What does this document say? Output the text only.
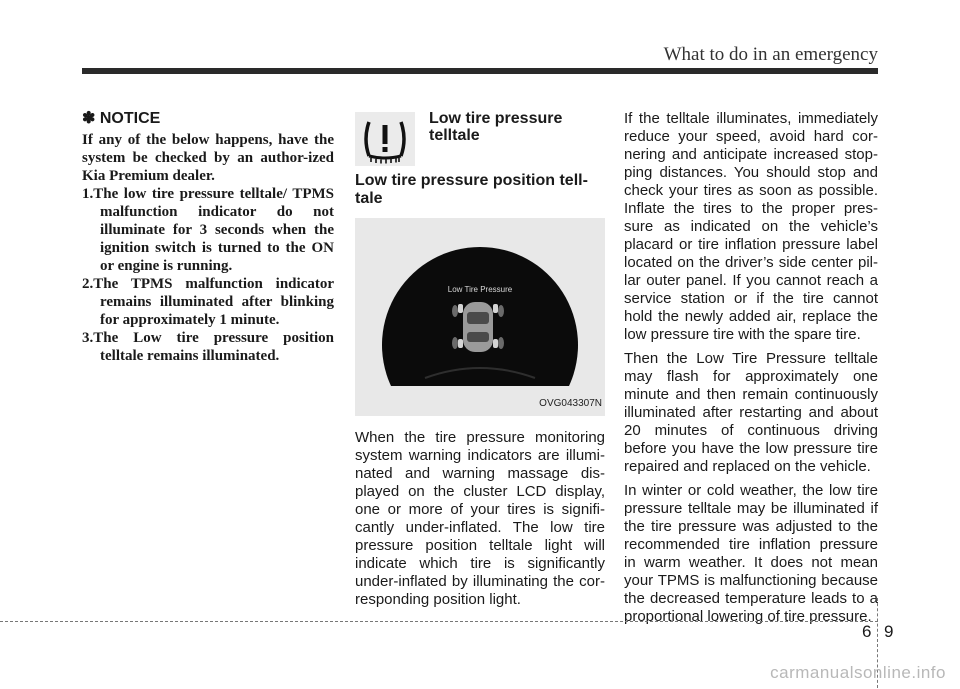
What to do in an emergency
✽ NOTICE

If any of the below happens, have the system be checked by an author-ized Kia Premium dealer.

1.The low tire pressure telltale/ TPMS malfunction indicator do not illuminate for 3 seconds when the ignition switch is turned to the ON or engine is running.
2.The TPMS malfunction indicator remains illuminated after blinking for approximately 1 minute.
3.The Low tire pressure position telltale remains illuminated.
Low tire pressure telltale
Low tire pressure position tell-tale
Low Tire Pressure
OVG043307N

When the tire pressure monitoring system warning indicators are illumi-nated and warning massage dis-played on the cluster LCD display, one or more of your tires is signifi-cantly under-inflated. The low tire pressure position telltale light will indicate which tire is significantly under-inflated by illuminating the cor-responding position light.

If the telltale illuminates, immediately reduce your speed, avoid hard cor-nering and anticipate increased stop-ping distances. You should stop and check your tires as soon as possible. Inflate the tires to the proper pres-sure as indicated on the vehicle’s placard or tire inflation pressure label located on the driver’s side center pil-lar outer panel. If you cannot reach a service station or if the tire cannot hold the newly added air, replace the low pressure tire with the spare tire.

Then the Low Tire Pressure telltale may flash for approximately one minute and then remain continuously illuminated after restarting and about 20 minutes of continuous driving before you have the low pressure tire repaired and replaced on the vehicle.

In winter or cold weather, the low tire pressure telltale may be illuminated if the tire pressure was adjusted to the recommended tire inflation pressure in warm weather. It does not mean your TPMS is malfunctioning because the decreased temperature leads to a proportional lowering of tire pressure.

6 9
carmanualsonline.info
